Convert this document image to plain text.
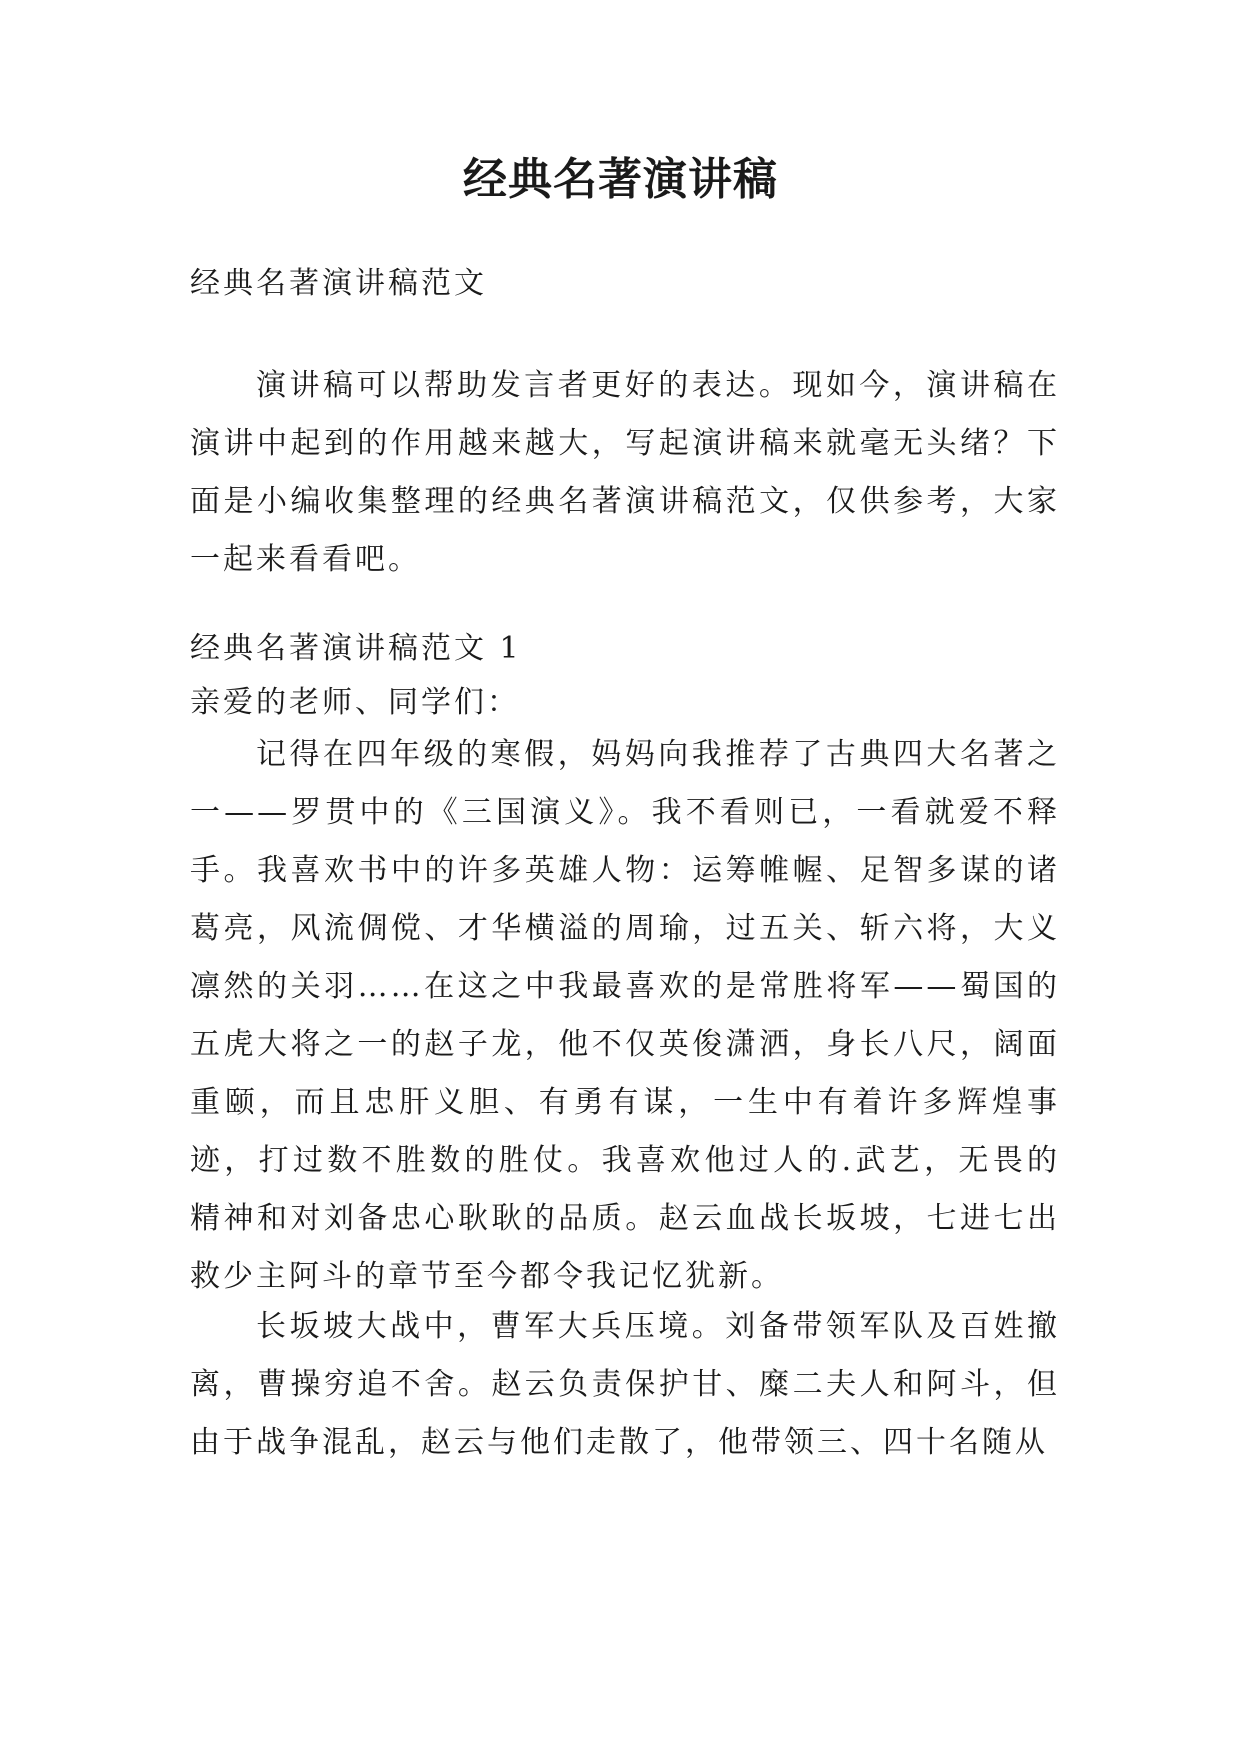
经典名著演讲稿

经典名著演讲稿范文

演讲稿可以帮助发言者更好的表达。现如今，演讲稿在演讲中起到的作用越来越大，写起演讲稿来就毫无头绪？下面是小编收集整理的经典名著演讲稿范文，仅供参考，大家一起来看看吧。

经典名著演讲稿范文 1

亲爱的老师、同学们：

记得在四年级的寒假，妈妈向我推荐了古典四大名著之一——罗贯中的《三国演义》。我不看则已，一看就爱不释手。我喜欢书中的许多英雄人物：运筹帷幄、足智多谋的诸葛亮，风流倜傥、才华横溢的周瑜，过五关、斩六将，大义凛然的关羽……在这之中我最喜欢的是常胜将军——蜀国的五虎大将之一的赵子龙，他不仅英俊潇洒，身长八尺，阔面重颐，而且忠肝义胆、有勇有谋，一生中有着许多辉煌事迹，打过数不胜数的胜仗。我喜欢他过人的.武艺，无畏的精神和对刘备忠心耿耿的品质。赵云血战长坂坡，七进七出救少主阿斗的章节至今都令我记忆犹新。

长坂坡大战中，曹军大兵压境。刘备带领军队及百姓撤离，曹操穷追不舍。赵云负责保护甘、糜二夫人和阿斗，但由于战争混乱，赵云与他们走散了，他带领三、四十名随从
